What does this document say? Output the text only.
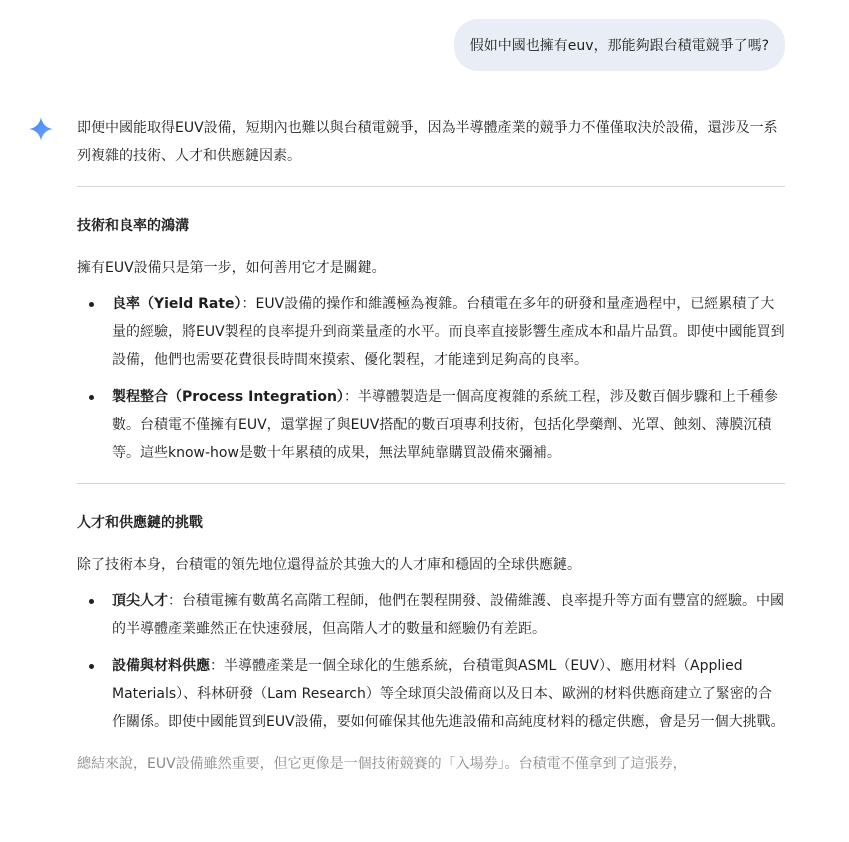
假如中國也擁有euv，那能夠跟台積電競爭了嗎?

即便中國能取得EUV設備，短期內也難以與台積電競爭，因為半導體產業的競爭力不僅僅取決於設備，還涉及一系列複雜的技術、人才和供應鏈因素。

技術和良率的鴻溝

擁有EUV設備只是第一步，如何善用它才是關鍵。

良率（Yield Rate）：EUV設備的操作和維護極為複雜。台積電在多年的研發和量產過程中，已經累積了大量的經驗，將EUV製程的良率提升到商業量產的水平。而良率直接影響生產成本和晶片品質。即使中國能買到設備，他們也需要花費很長時間來摸索、優化製程，才能達到足夠高的良率。
製程整合（Process Integration）：半導體製造是一個高度複雜的系統工程，涉及數百個步驟和上千種參數。台積電不僅擁有EUV，還掌握了與EUV搭配的數百項專利技術，包括化學藥劑、光罩、蝕刻、薄膜沉積等。這些know-how是數十年累積的成果，無法單純靠購買設備來彌補。

人才和供應鏈的挑戰

除了技術本身，台積電的領先地位還得益於其強大的人才庫和穩固的全球供應鏈。

頂尖人才：台積電擁有數萬名高階工程師，他們在製程開發、設備維護、良率提升等方面有豐富的經驗。中國的半導體產業雖然正在快速發展，但高階人才的數量和經驗仍有差距。
設備與材料供應：半導體產業是一個全球化的生態系統，台積電與ASML（EUV）、應用材料（Applied Materials）、科林研發（Lam Research）等全球頂尖設備商以及日本、歐洲的材料供應商建立了緊密的合作關係。即使中國能買到EUV設備，要如何確保其他先進設備和高純度材料的穩定供應，會是另一個大挑戰。

總結來說，EUV設備雖然重要，但它更像是一個技術競賽的「入場券」。台積電不僅拿到了這張券，
